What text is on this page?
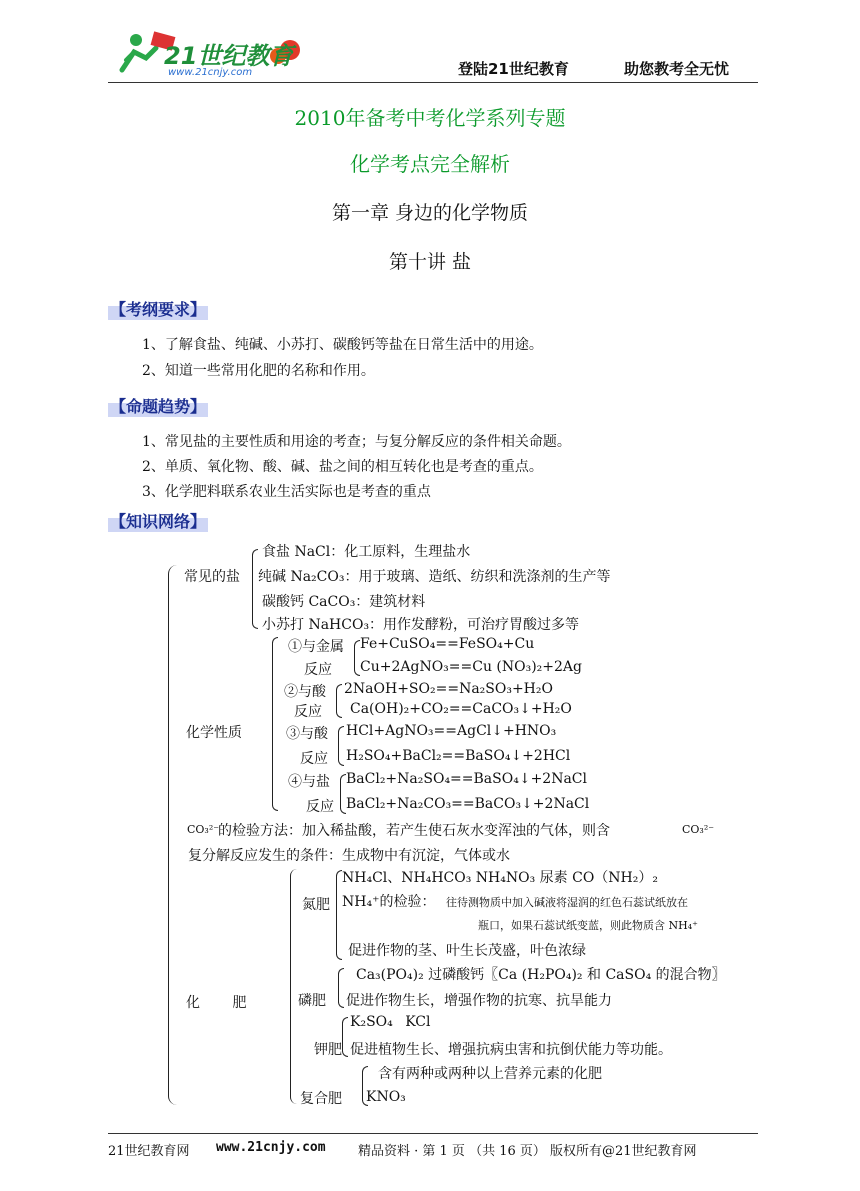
21世纪教育
www.21cnjy.com	登陆21世纪教育	助您教考全无忧
2010年备考中考化学系列专题
化学考点完全解析
第一章 身边的化学物质
第十讲 盐
【考纲要求】
1、了解食盐、纯碱、小苏打、碳酸钙等盐在日常生活中的用途。
2、知道一些常用化肥的名称和作用。
【命题趋势】
1、常见盐的主要性质和用途的考查；与复分解反应的条件相关命题。
2、单质、氧化物、酸、碱、盐之间的相互转化也是考查的重点。
3、化学肥料联系农业生活实际也是考查的重点
【知识网络】
常见的盐
食盐 NaCl：化工原料，生理盐水
纯碱 Na₂CO₃：用于玻璃、造纸、纺织和洗涤剂的生产等
碳酸钙 CaCO₃：建筑材料
小苏打 NaHCO₃：用作发酵粉，可治疗胃酸过多等
化学性质
①与金属
反应
Fe+CuSO₄==FeSO₄+Cu
Cu+2AgNO₃==Cu (NO₃)₂+2Ag
②与酸
反应
2NaOH+SO₂==Na₂SO₃+H₂O
Ca(OH)₂+CO₂==CaCO₃↓+H₂O
③与酸
反应
HCl+AgNO₃==AgCl↓+HNO₃
H₂SO₄+BaCl₂==BaSO₄↓+2HCl
④与盐
反应
BaCl₂+Na₂SO₄==BaSO₄↓+2NaCl
BaCl₂+Na₂CO₃==BaCO₃↓+2NaCl
CO₃²⁻
的检验方法：加入稀盐酸，若产生使石灰水变浑浊的气体，则含	CO₃²⁻
复分解反应发生的条件：生成物中有沉淀，气体或水
化 肥
氮肥
NH₄Cl、NH₄HCO₃ NH₄NO₃ 尿素 CO（NH₂）₂
NH₄⁺的检验： 往待测物质中加入碱液将湿润的红色石蕊试纸放在
瓶口，如果石蕊试纸变蓝，则此物质含 NH₄⁺
促进作物的茎、叶生长茂盛，叶色浓绿
磷肥
Ca₃(PO₄)₂ 过磷酸钙〖Ca (H₂PO₄)₂ 和 CaSO₄ 的混合物〗
促进作物生长，增强作物的抗寒、抗旱能力
钾肥
K₂SO₄ KCl
促进植物生长、增强抗病虫害和抗倒伏能力等功能。
复合肥
含有两种或两种以上营养元素的化肥
KNO₃
21世纪教育网 www.21cnjy.com 精品资料 · 第 1 页 （共 16 页） 版权所有@21世纪教育网
